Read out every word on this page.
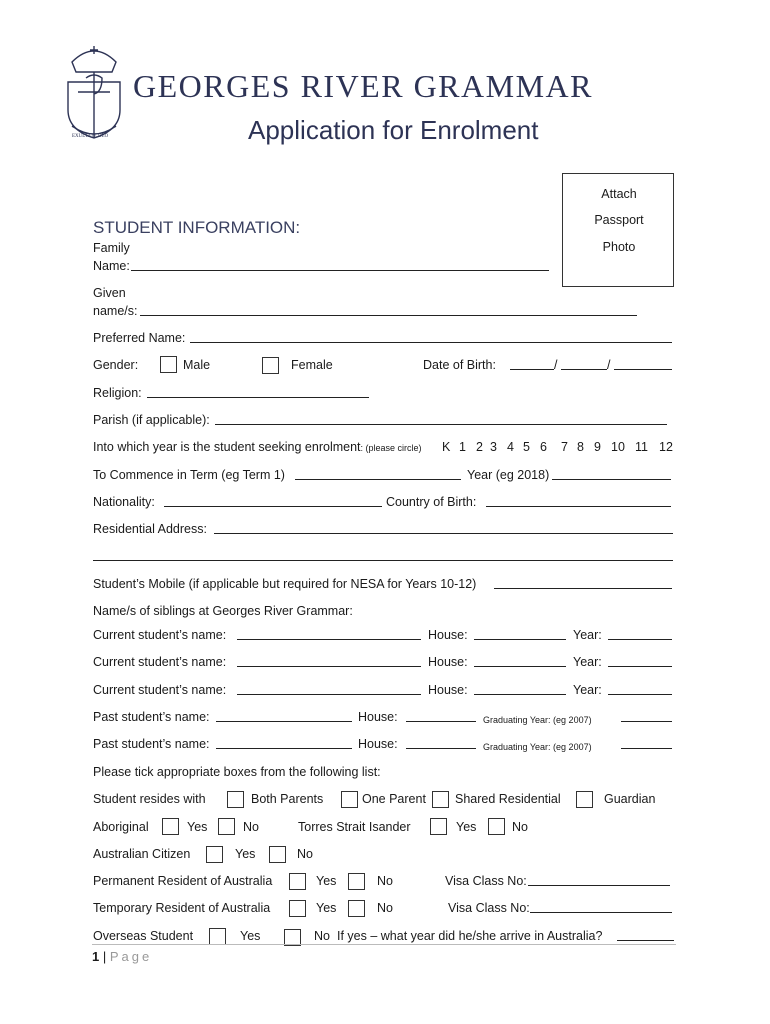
EXULTATE DEO
GEORGES RIVER GRAMMAR
Application for Enrolment
Attach
Passport
Photo
STUDENT INFORMATION:
Family
Name:
Given
name/s:
Preferred Name:
Gender:	Male	Female	Date of Birth:	/	/
Religion:
Parish (if applicable):
Into which year is the student seeking enrolment: (please circle) K 1 2 3 4 5 6 7 8 9 10 11 12
To Commence in Term (eg Term 1)	Year (eg 2018)
Nationality:	Country of Birth:
Residential Address:
Student’s Mobile (if applicable but required for NESA for Years 10-12)
Name/s of siblings at Georges River Grammar:
Current student’s name:	House:	Year:
Current student’s name:	House:	Year:
Current student’s name:	House:	Year:
Past student’s name:	House:	Graduating Year: (eg 2007)
Past student’s name:	House:	Graduating Year: (eg 2007)
Please tick appropriate boxes from the following list:
Student resides with	Both Parents	One Parent Shared Residential	Guardian
Aboriginal	Yes	No	Torres Strait Isander	Yes	No
Australian Citizen	Yes	No
Permanent Resident of Australia	Yes	No	Visa Class No:
Temporary Resident of Australia	Yes	No	Visa Class No:
Overseas Student	Yes	No If yes – what year did he/she arrive in Australia?
1 | Page
